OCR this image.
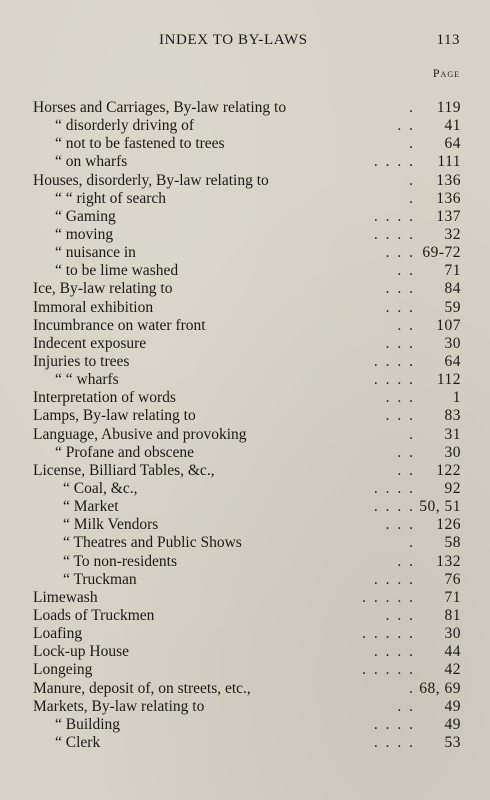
INDEX TO BY-LAWS	113
Page
Horses and Carriages, By-law relating to	. 119
“ disorderly driving of	. . 41
“ not to be fastened to trees	. 64
“ on wharfs	. . . . 111
Houses, disorderly, By-law relating to	. 136
“ “ right of search	. 136
“ Gaming	. . . . 137
“ moving	. . . . 32
“ nuisance in	. . . 69-72
“ to be lime washed	. . 71
Ice, By-law relating to	. . . 84
Immoral exhibition	. . . 59
Incumbrance on water front	. . 107
Indecent exposure	. . . 30
Injuries to trees	. . . . 64
“ “ wharfs	. . . . 112
Interpretation of words	. . . 1
Lamps, By-law relating to	. . . 83
Language, Abusive and provoking	. 31
“ Profane and obscene	. . 30
License, Billiard Tables, &c.,	. . 122
“ Coal, &c.,	. . . . 92
“ Market	. . . . 50, 51
“ Milk Vendors	. . . 126
“ Theatres and Public Shows	. 58
“ To non-residents	. . 132
“ Truckman	. . . . 76
Limewash	. . . . . 71
Loads of Truckmen	. . . 81
Loafing	. . . . . 30
Lock-up House	. . . . 44
Longeing	. . . . . 42
Manure, deposit of, on streets, etc.,	. 68, 69
Markets, By-law relating to	. . 49
“ Building	. . . . 49
“ Clerk	. . . . 53
